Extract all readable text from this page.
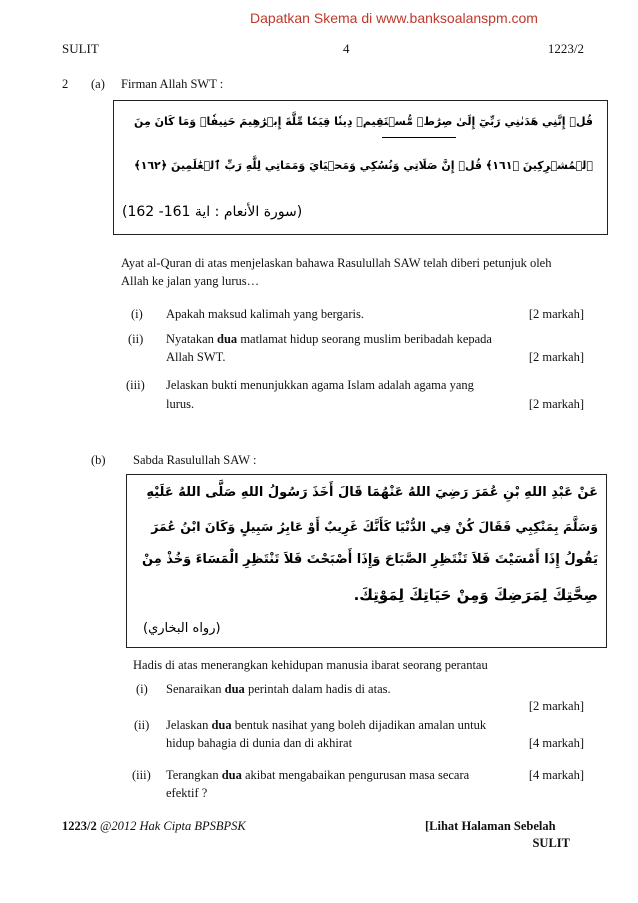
Dapatkan Skema di www.banksoalanspm.com
SULIT	4	1223/2
2 (a) Firman Allah SWT :
قُلۡ إِنَّنِي هَدَىٰنِي رَبِّيٓ إِلَىٰ صِرَٰطٖ مُّسۡتَقِيمٖ دِينٗا قِيَمٗا مِّلَّةَ إِبۡرَٰهِيمَ حَنِيفٗاۚ وَمَا كَانَ مِنَ
ٱلۡمُشۡرِكِينَ ﴿١٦١﴾ قُلۡ إِنَّ صَلَاتِي وَنُسُكِي وَمَحۡيَايَ وَمَمَاتِي لِلَّهِ رَبِّ ٱلۡعَٰلَمِينَ ﴿١٦٢﴾
(سورة الأنعام : اية 161- 162)
Ayat al-Quran di atas menjelaskan bahawa Rasulullah SAW telah diberi petunjuk oleh
Allah ke jalan yang lurus…
(i) Apakah maksud kalimah yang bergaris.	[2 markah]
(ii) Nyatakan dua matlamat hidup seorang muslim beribadah kepada
Allah SWT.	[2 markah]
(iii) Jelaskan bukti menunjukkan agama Islam adalah agama yang
lurus.	[2 markah]
(b) Sabda Rasulullah SAW :
عَنْ عَبْدِ اللهِ بْنِ عُمَرَ رَضِيَ اللهُ عَنْهُمَا قَالَ أَخَذَ رَسُولُ اللهِ صَلَّى اللهُ عَلَيْهِ
وَسَلَّمَ بِمَنْكِبِي فَقَالَ كُنْ فِي الدُّنْيَا كَأَنَّكَ غَرِيبٌ أَوْ عَابِرُ سَبِيلٍ وَكَانَ ابْنُ عُمَرَ
يَقُولُ إِذَا أَمْسَيْتَ فَلاَ تَنْتَظِرِ الصَّبَاحَ وَإِذَا أَصْبَحْتَ فَلاَ تَنْتَظِرِ الْمَسَاءَ وَخُذْ مِنْ
صِحَّتِكَ لِمَرَضِكَ وَمِنْ حَيَاتِكَ لِمَوْتِكَ.
(رواه البخاري)
Hadis di atas menerangkan kehidupan manusia ibarat seorang perantau
(i) Senaraikan dua perintah dalam hadis di atas.
[2 markah]
(ii) Jelaskan dua bentuk nasihat yang boleh dijadikan amalan untuk
hidup bahagia di dunia dan di akhirat	[4 markah]
(iii) Terangkan dua akibat mengabaikan pengurusan masa secara
efektif ?
[4 markah]
1223/2 @2012 Hak Cipta BPSBPSK	[Lihat Halaman Sebelah
SULIT
